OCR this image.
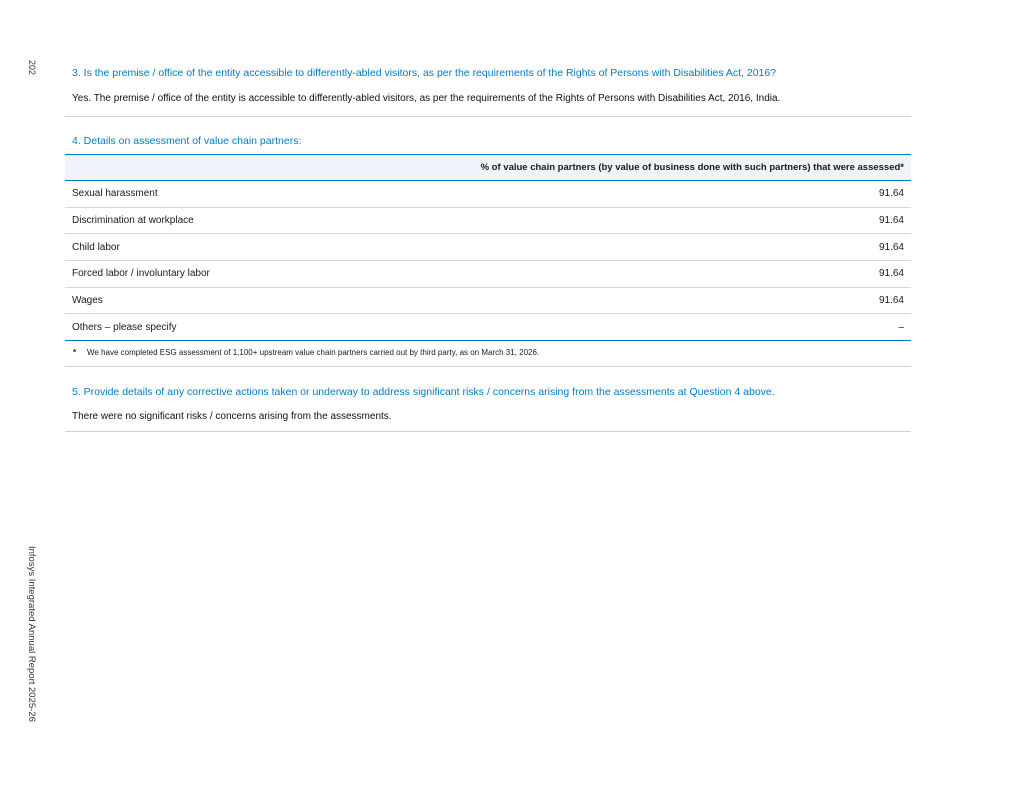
202
Infosys Integrated Annual Report 2025-26
3. Is the premise / office of the entity accessible to differently-abled visitors, as per the requirements of the Rights of Persons with Disabilities Act, 2016?
Yes. The premise / office of the entity is accessible to differently-abled visitors, as per the requirements of the Rights of Persons with Disabilities Act, 2016, India.
4. Details on assessment of value chain partners:
% of value chain partners (by value of business done with such partners) that were assessed*
Sexual harassment	91.64
Discrimination at workplace	91.64
Child labor	91.64
Forced labor / involuntary labor	91.64
Wages	91.64
Others – please specify	–
* We have completed ESG assessment of 1,100+ upstream value chain partners carried out by third party, as on March 31, 2026.
5. Provide details of any corrective actions taken or underway to address significant risks / concerns arising from the assessments at Question 4 above.
There were no significant risks / concerns arising from the assessments.
